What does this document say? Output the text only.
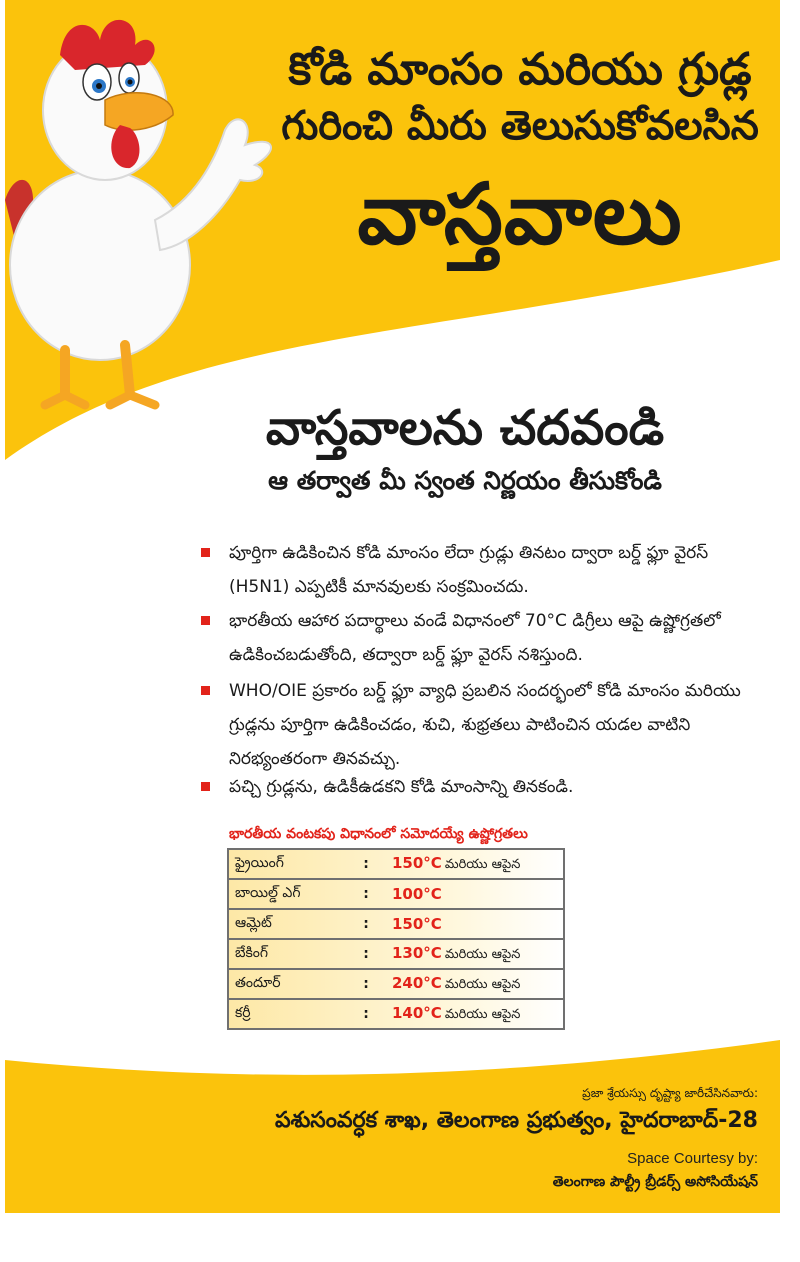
కోడి మాంసం మరియు గ్రుడ్ల
గురించి మీరు తెలుసుకోవలసిన
వాస్తవాలు
వాస్తవాలను చదవండి
ఆ తర్వాత మీ స్వంత నిర్ణయం తీసుకోండి
పూర్తిగా ఉడికించిన కోడి మాంసం లేదా గ్రుడ్లు తినటం ద్వారా బర్డ్ ఫ్లూ వైరస్ (H5N1) ఎప్పటికీ మానవులకు సంక్రమించదు.
భారతీయ ఆహార పదార్థాలు వండే విధానంలో 70°C డిగ్రీలు ఆపై ఉష్ణోగ్రతలో ఉడికించబడుతోంది, తద్వారా బర్డ్ ఫ్లూ వైరస్ నశిస్తుంది.
WHO/OIE ప్రకారం బర్డ్ ఫ్లూ వ్యాధి ప్రబలిన సందర్భంలో కోడి మాంసం మరియు గ్రుడ్లను పూర్తిగా ఉడికించడం, శుచి, శుభ్రతలు పాటించిన యడల వాటిని నిరభ్యంతరంగా తినవచ్చు.
పచ్చి గ్రుడ్లను, ఉడికీఉడకని కోడి మాంసాన్ని తినకండి.
భారతీయ వంటకపు విధానంలో సమోదయ్యే ఉష్ణోగ్రతలు
ఫ్రైయింగ్	:	150°C మరియు ఆపైన
బాయిల్డ్ ఎగ్	:	100°C
ఆమ్లెట్	:	150°C
బేకింగ్	:	130°C మరియు ఆపైన
తందూర్	:	240°C మరియు ఆపైన
కర్రీ	:	140°C మరియు ఆపైన
ప్రజా శ్రేయస్సు దృష్ట్యా జారీచేసినవారు:
పశుసంవర్ధక శాఖ, తెలంగాణ ప్రభుత్వం, హైదరాబాద్-28
Space Courtesy by:
తెలంగాణ పౌల్ట్రీ బ్రీడర్స్ అసోసియేషన్
